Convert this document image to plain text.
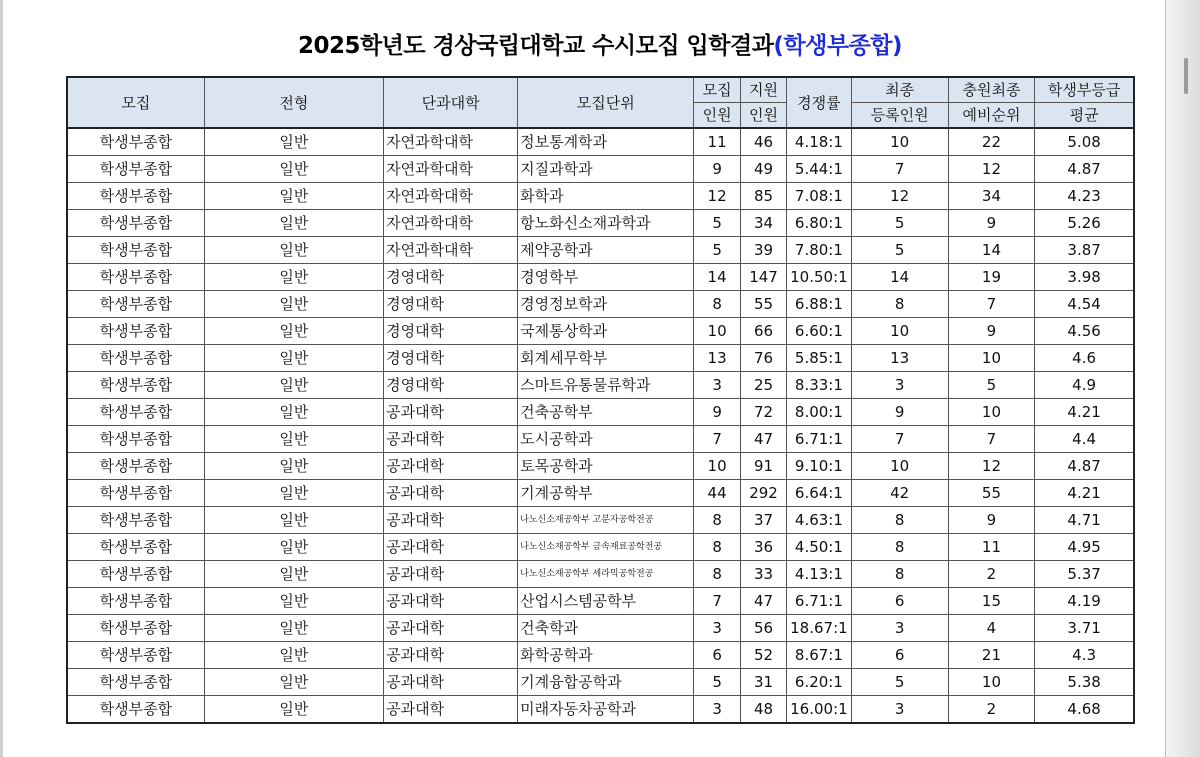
2025학년도 경상국립대학교 수시모집 입학결과(학생부종합)
모집	전형	단과대학	모집단위	모집	지원	경쟁률	최종	충원최종	학생부등급
				인원	인원		등록인원	예비순위	평균
학생부종합	일반	자연과학대학	정보통계학과	11	46	4.18:1	10	22	5.08
학생부종합	일반	자연과학대학	지질과학과	9	49	5.44:1	7	12	4.87
학생부종합	일반	자연과학대학	화학과	12	85	7.08:1	12	34	4.23
학생부종합	일반	자연과학대학	항노화신소재과학과	5	34	6.80:1	5	9	5.26
학생부종합	일반	자연과학대학	제약공학과	5	39	7.80:1	5	14	3.87
학생부종합	일반	경영대학	경영학부	14	147	10.50:1	14	19	3.98
학생부종합	일반	경영대학	경영정보학과	8	55	6.88:1	8	7	4.54
학생부종합	일반	경영대학	국제통상학과	10	66	6.60:1	10	9	4.56
학생부종합	일반	경영대학	회계세무학부	13	76	5.85:1	13	10	4.6
학생부종합	일반	경영대학	스마트유통물류학과	3	25	8.33:1	3	5	4.9
학생부종합	일반	공과대학	건축공학부	9	72	8.00:1	9	10	4.21
학생부종합	일반	공과대학	도시공학과	7	47	6.71:1	7	7	4.4
학생부종합	일반	공과대학	토목공학과	10	91	9.10:1	10	12	4.87
학생부종합	일반	공과대학	기계공학부	44	292	6.64:1	42	55	4.21
학생부종합	일반	공과대학	나노신소재공학부 고분자공학전공	8	37	4.63:1	8	9	4.71
학생부종합	일반	공과대학	나노신소재공학부 금속재료공학전공	8	36	4.50:1	8	11	4.95
학생부종합	일반	공과대학	나노신소재공학부 세라믹공학전공	8	33	4.13:1	8	2	5.37
학생부종합	일반	공과대학	산업시스템공학부	7	47	6.71:1	6	15	4.19
학생부종합	일반	공과대학	건축학과	3	56	18.67:1	3	4	3.71
학생부종합	일반	공과대학	화학공학과	6	52	8.67:1	6	21	4.3
학생부종합	일반	공과대학	기계융합공학과	5	31	6.20:1	5	10	5.38
학생부종합	일반	공과대학	미래자동차공학과	3	48	16.00:1	3	2	4.68
